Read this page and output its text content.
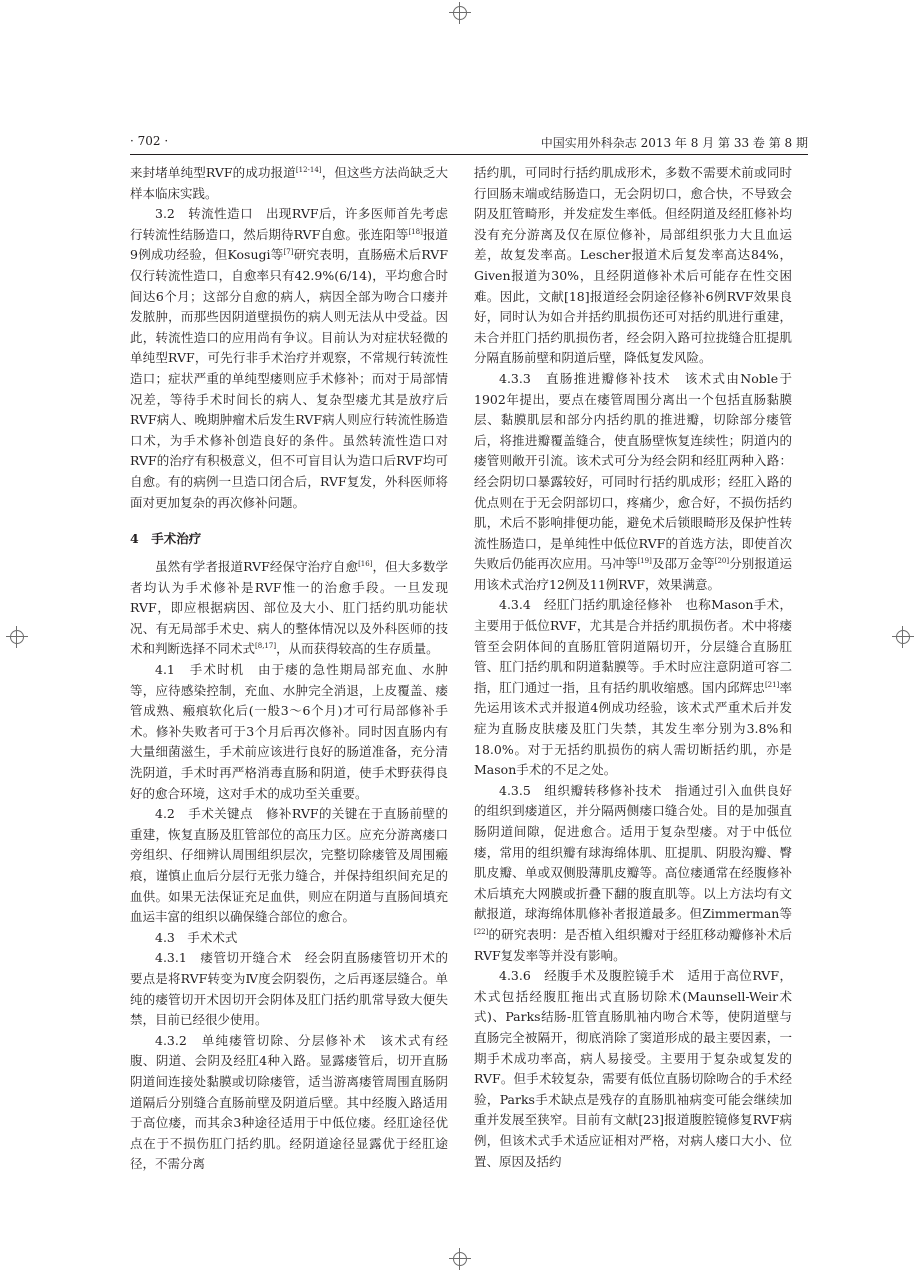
· 702 ·	中国实用外科杂志 2013 年 8 月 第 33 卷 第 8 期

来封堵单纯型RVF的成功报道[12-14]，但这些方法尚缺乏大样本临床实践。

3.2　转流性造口　出现RVF后，许多医师首先考虑行转流性结肠造口，然后期待RVF自愈。张连阳等[18]报道9例成功经验，但Kosugi等[7]研究表明，直肠癌术后RVF仅行转流性造口，自愈率只有42.9%(6/14)，平均愈合时间达6个月；这部分自愈的病人，病因全部为吻合口瘘并发脓肿，而那些因阴道壁损伤的病人则无法从中受益。因此，转流性造口的应用尚有争议。目前认为对症状轻微的单纯型RVF，可先行非手术治疗并观察，不常规行转流性造口；症状严重的单纯型瘘则应手术修补；而对于局部情况差，等待手术时间长的病人、复杂型瘘尤其是放疗后RVF病人、晚期肿瘤术后发生RVF病人则应行转流性肠造口术，为手术修补创造良好的条件。虽然转流性造口对RVF的治疗有积极意义，但不可盲目认为造口后RVF均可自愈。有的病例一旦造口闭合后，RVF复发，外科医师将面对更加复杂的再次修补问题。

4　手术治疗

虽然有学者报道RVF经保守治疗自愈[16]，但大多数学者均认为手术修补是RVF惟一的治愈手段。一旦发现RVF，即应根据病因、部位及大小、肛门括约肌功能状况、有无局部手术史、病人的整体情况以及外科医师的技术和判断选择不同术式[8,17]，从而获得较高的生存质量。

4.1　手术时机　由于瘘的急性期局部充血、水肿等，应待感染控制，充血、水肿完全消退，上皮覆盖、瘘管成熟、瘢痕软化后(一般3～6个月)才可行局部修补手术。修补失败者可于3个月后再次修补。同时因直肠内有大量细菌滋生，手术前应该进行良好的肠道准备，充分清洗阴道，手术时再严格消毒直肠和阴道，使手术野获得良好的愈合环境，这对手术的成功至关重要。

4.2　手术关键点　修补RVF的关键在于直肠前壁的重建，恢复直肠及肛管部位的高压力区。应充分游离瘘口旁组织、仔细辨认周围组织层次，完整切除瘘管及周围瘢痕，谨慎止血后分层行无张力缝合，并保持组织间充足的血供。如果无法保证充足血供，则应在阴道与直肠间填充血运丰富的组织以确保缝合部位的愈合。

4.3　手术术式

4.3.1　瘘管切开缝合术　经会阴直肠瘘管切开术的要点是将RVF转变为Ⅳ度会阴裂伤，之后再逐层缝合。单纯的瘘管切开术因切开会阴体及肛门括约肌常导致大便失禁，目前已经很少使用。

4.3.2　单纯瘘管切除、分层修补术　该术式有经腹、阴道、会阴及经肛4种入路。显露瘘管后，切开直肠阴道间连接处黏膜或切除瘘管，适当游离瘘管周围直肠阴道隔后分别缝合直肠前壁及阴道后壁。其中经腹入路适用于高位瘘，而其余3种途径适用于中低位瘘。经肛途径优点在于不损伤肛门括约肌。经阴道途径显露优于经肛途径，不需分离

括约肌，可同时行括约肌成形术，多数不需要术前或同时行回肠末端或结肠造口，无会阴切口，愈合快，不导致会阴及肛管畸形，并发症发生率低。但经阴道及经肛修补均没有充分游离及仅在原位修补，局部组织张力大且血运差，故复发率高。Lescher报道术后复发率高达84%，Given报道为30%，且经阴道修补术后可能存在性交困难。因此，文献[18]报道经会阴途径修补6例RVF效果良好，同时认为如合并括约肌损伤还可对括约肌进行重建，未合并肛门括约肌损伤者，经会阴入路可拉拢缝合肛提肌分隔直肠前壁和阴道后壁，降低复发风险。

4.3.3　直肠推进瓣修补技术　该术式由Noble于1902年提出，要点在瘘管周围分离出一个包括直肠黏膜层、黏膜肌层和部分内括约肌的推进瓣，切除部分瘘管后，将推进瓣覆盖缝合，使直肠壁恢复连续性；阴道内的瘘管则敞开引流。该术式可分为经会阴和经肛两种入路：经会阴切口暴露较好，可同时行括约肌成形；经肛入路的优点则在于无会阴部切口，疼痛少，愈合好，不损伤括约肌，术后不影响排便功能，避免术后锁眼畸形及保护性转流性肠造口，是单纯性中低位RVF的首选方法，即使首次失败后仍能再次应用。马冲等[19]及邵万金等[20]分别报道运用该术式治疗12例及11例RVF，效果满意。

4.3.4　经肛门括约肌途径修补　也称Mason手术，主要用于低位RVF，尤其是合并括约肌损伤者。术中将瘘管至会阴体间的直肠肛管阴道隔切开，分层缝合直肠肛管、肛门括约肌和阴道黏膜等。手术时应注意阴道可容二指，肛门通过一指，且有括约肌收缩感。国内邱辉忠[21]率先运用该术式并报道4例成功经验，该术式严重术后并发症为直肠皮肤瘘及肛门失禁，其发生率分别为3.8%和18.0%。对于无括约肌损伤的病人需切断括约肌，亦是Mason手术的不足之处。

4.3.5　组织瓣转移修补技术　指通过引入血供良好的组织到瘘道区，并分隔两侧瘘口缝合处。目的是加强直肠阴道间隙，促进愈合。适用于复杂型瘘。对于中低位瘘，常用的组织瓣有球海绵体肌、肛提肌、阴股沟瓣、臀肌皮瓣、单或双侧股薄肌皮瓣等。高位瘘通常在经腹修补术后填充大网膜或折叠下翻的腹直肌等。以上方法均有文献报道，球海绵体肌修补者报道最多。但Zimmerman等[22]的研究表明：是否植入组织瓣对于经肛移动瓣修补术后RVF复发率等并没有影响。

4.3.6　经腹手术及腹腔镜手术　适用于高位RVF，术式包括经腹肛拖出式直肠切除术(Maunsell-Weir术式)、Parks结肠-肛管直肠肌袖内吻合术等，使阴道壁与直肠完全被隔开，彻底消除了窦道形成的最主要因素，一期手术成功率高，病人易接受。主要用于复杂或复发的RVF。但手术较复杂，需要有低位直肠切除吻合的手术经验，Parks手术缺点是残存的直肠肌袖病变可能会继续加重并发展至狭窄。目前有文献[23]报道腹腔镜修复RVF病例，但该术式手术适应证相对严格，对病人瘘口大小、位置、原因及括约
